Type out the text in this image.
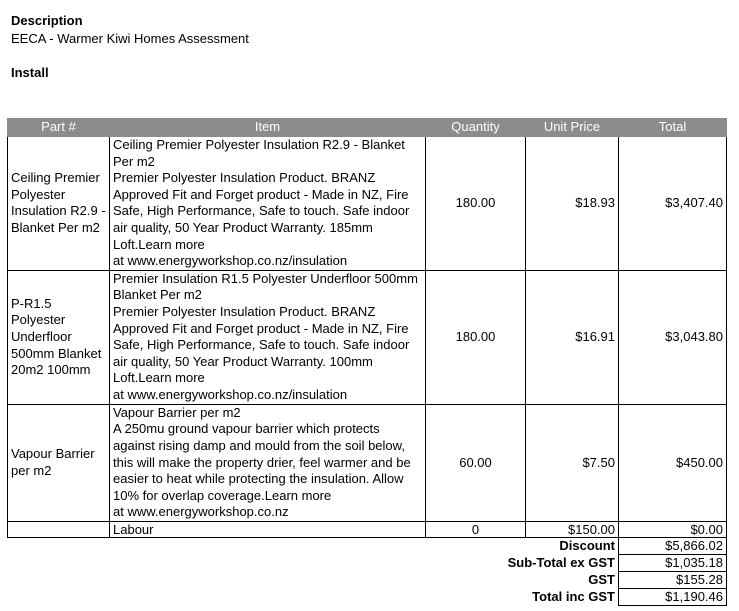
Description
EECA - Warmer Kiwi Homes Assessment
Install
Part #	Item	Quantity	Unit Price	Total
Ceiling Premier Polyester Insulation R2.9 - Blanket Per m2	Ceiling Premier Polyester Insulation R2.9 - Blanket Per m2
Premier Polyester Insulation Product. BRANZ Approved Fit and Forget product - Made in NZ, Fire Safe, High Performance, Safe to touch. Safe indoor air quality, 50 Year Product Warranty. 185mm Loft.Learn more
at www.energyworkshop.co.nz/insulation	180.00	$18.93	$3,407.40
P-R1.5 Polyester Underfloor 500mm Blanket 20m2 100mm	Premier Insulation R1.5 Polyester Underfloor 500mm Blanket Per m2
Premier Polyester Insulation Product. BRANZ Approved Fit and Forget product - Made in NZ, Fire Safe, High Performance, Safe to touch. Safe indoor air quality, 50 Year Product Warranty. 100mm Loft.Learn more
at www.energyworkshop.co.nz/insulation	180.00	$16.91	$3,043.80
Vapour Barrier per m2	Vapour Barrier per m2
A 250mu ground vapour barrier which protects against rising damp and mould from the soil below, this will make the property drier, feel warmer and be easier to heat while protecting the insulation. Allow 10% for overlap coverage.Learn more
at www.energyworkshop.co.nz	60.00	$7.50	$450.00
	Labour	0	$150.00	$0.00
		Discount		$5,866.02
		Sub-Total ex GST		$1,035.18
		GST		$155.28
		Total inc GST		$1,190.46
